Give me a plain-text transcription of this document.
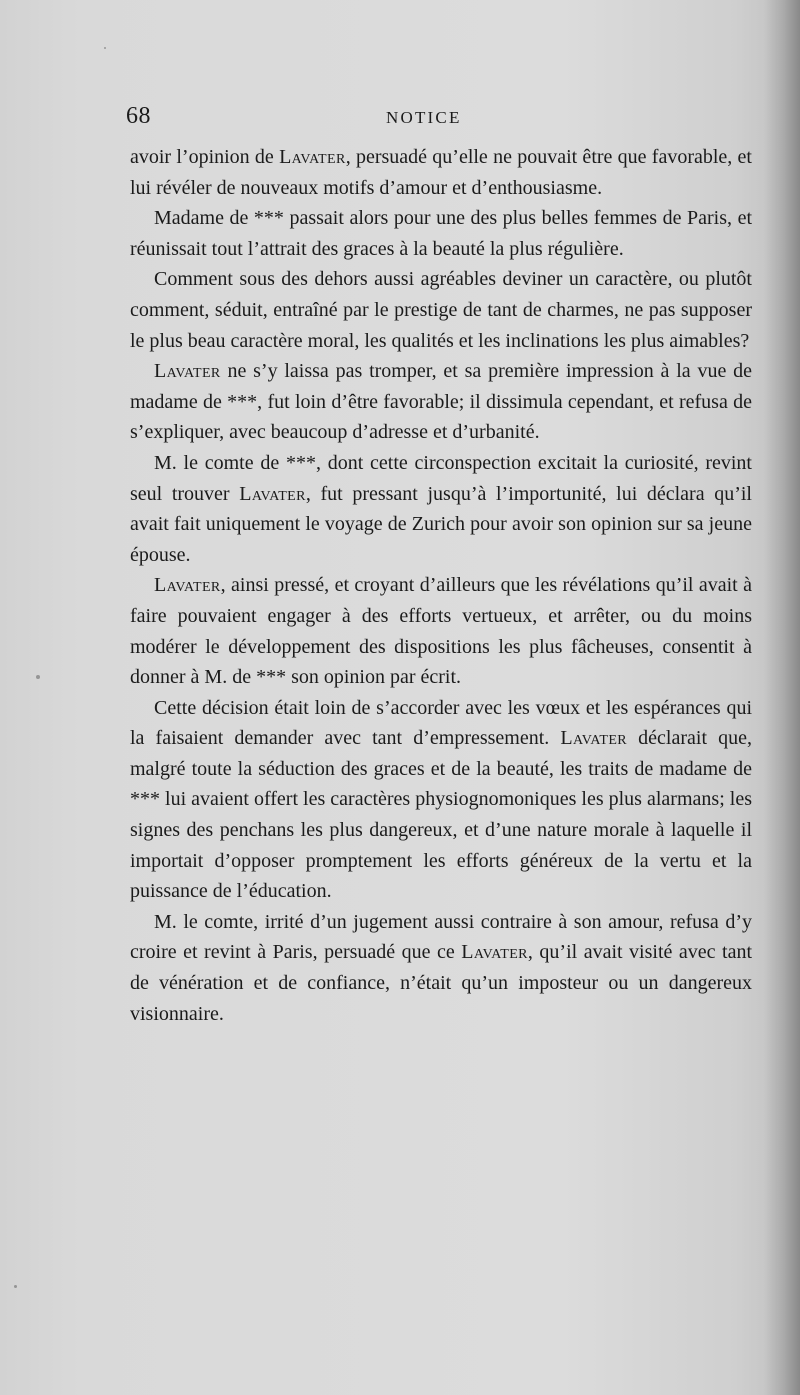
68	NOTICE

avoir l’opinion de Lavater, persuadé qu’elle ne pouvait être que favorable, et lui révéler de nouveaux motifs d’amour et d’enthousiasme.

Madame de *** passait alors pour une des plus belles femmes de Paris, et réunissait tout l’attrait des graces à la beauté la plus régulière.

Comment sous des dehors aussi agréables deviner un caractère, ou plutôt comment, séduit, entraîné par le prestige de tant de charmes, ne pas supposer le plus beau caractère moral, les qualités et les inclinations les plus aimables?

Lavater ne s’y laissa pas tromper, et sa première impression à la vue de madame de ***, fut loin d’être favorable; il dissimula cependant, et refusa de s’expliquer, avec beaucoup d’adresse et d’urbanité.

M. le comte de ***, dont cette circonspection excitait la curiosité, revint seul trouver Lavater, fut pressant jusqu’à l’importunité, lui déclara qu’il avait fait uniquement le voyage de Zurich pour avoir son opinion sur sa jeune épouse.

Lavater, ainsi pressé, et croyant d’ailleurs que les révélations qu’il avait à faire pouvaient engager à des efforts vertueux, et arrêter, ou du moins modérer le développement des dispositions les plus fâcheuses, consentit à donner à M. de *** son opinion par écrit.

Cette décision était loin de s’accorder avec les vœux et les espérances qui la faisaient demander avec tant d’empressement. Lavater déclarait que, malgré toute la séduction des graces et de la beauté, les traits de madame de *** lui avaient offert les caractères physiognomoniques les plus alarmans; les signes des penchans les plus dangereux, et d’une nature morale à laquelle il importait d’opposer promptement les efforts généreux de la vertu et la puissance de l’éducation.

M. le comte, irrité d’un jugement aussi contraire à son amour, refusa d’y croire et revint à Paris, persuadé que ce Lavater, qu’il avait visité avec tant de vénération et de confiance, n’était qu’un imposteur ou un dangereux visionnaire.
